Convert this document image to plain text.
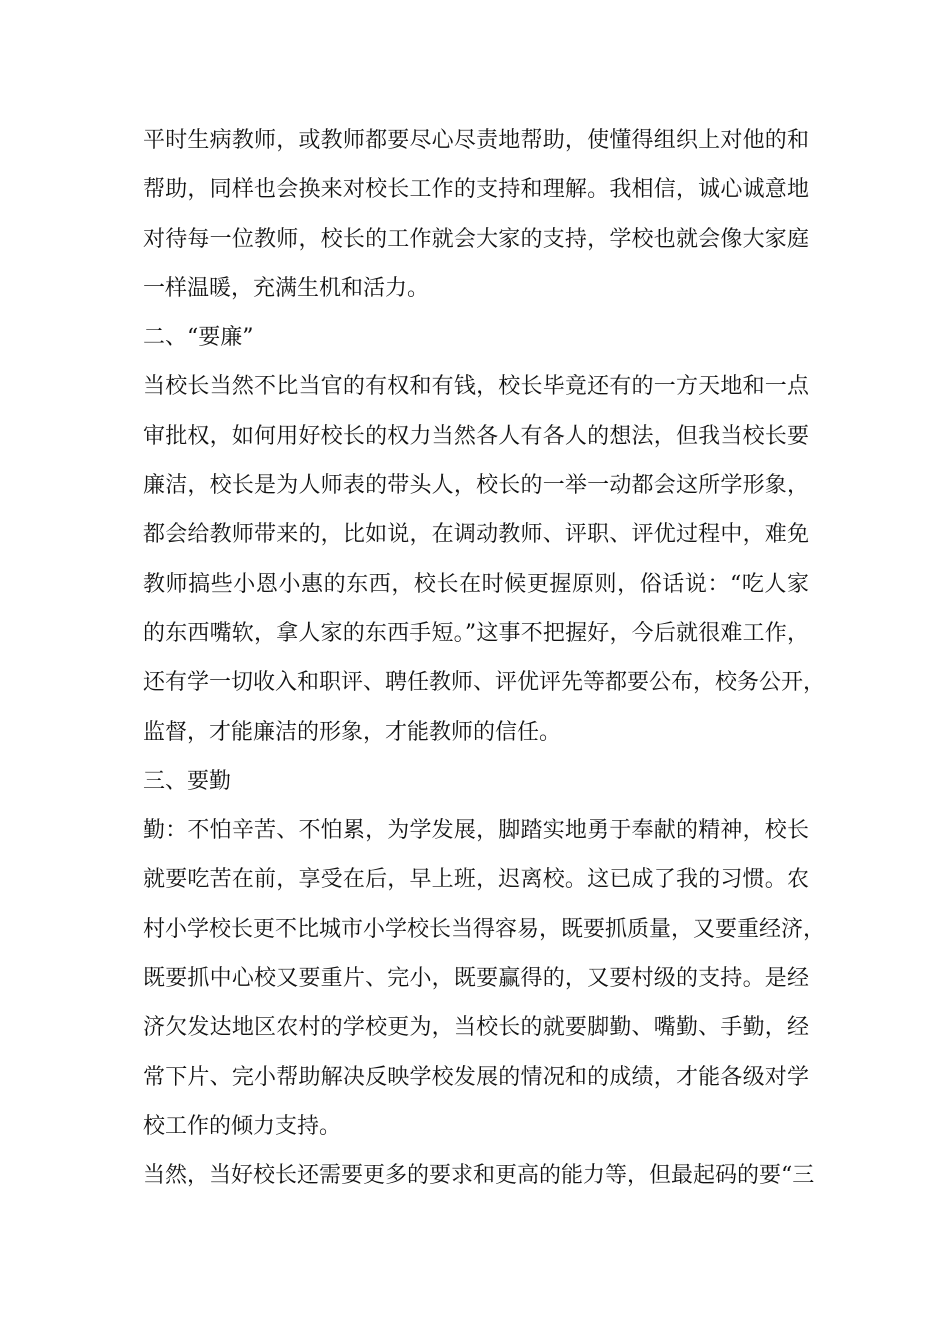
平时生病教师，或教师都要尽心尽责地帮助，使懂得组织上对他的和
帮助，同样也会换来对校长工作的支持和理解。我相信，诚心诚意地
对待每一位教师，校长的工作就会大家的支持，学校也就会像大家庭
一样温暖，充满生机和活力。
二、“要廉”
当校长当然不比当官的有权和有钱，校长毕竟还有的一方天地和一点
审批权，如何用好校长的权力当然各人有各人的想法，但我当校长要
廉洁，校长是为人师表的带头人，校长的一举一动都会这所学形象，
都会给教师带来的，比如说，在调动教师、评职、评优过程中，难免
教师搞些小恩小惠的东西，校长在时候更握原则，俗话说：“吃人家
的东西嘴软，拿人家的东西手短。”这事不把握好，今后就很难工作，
还有学一切收入和职评、聘任教师、评优评先等都要公布，校务公开，
监督，才能廉洁的形象，才能教师的信任。
三、要勤
勤：不怕辛苦、不怕累，为学发展，脚踏实地勇于奉献的精神，校长
就要吃苦在前，享受在后，早上班，迟离校。这已成了我的习惯。农
村小学校长更不比城市小学校长当得容易，既要抓质量，又要重经济，
既要抓中心校又要重片、完小，既要赢得的，又要村级的支持。是经
济欠发达地区农村的学校更为，当校长的就要脚勤、嘴勤、手勤，经
常下片、完小帮助解决反映学校发展的情况和的成绩，才能各级对学
校工作的倾力支持。
当然，当好校长还需要更多的要求和更高的能力等，但最起码的要“三
